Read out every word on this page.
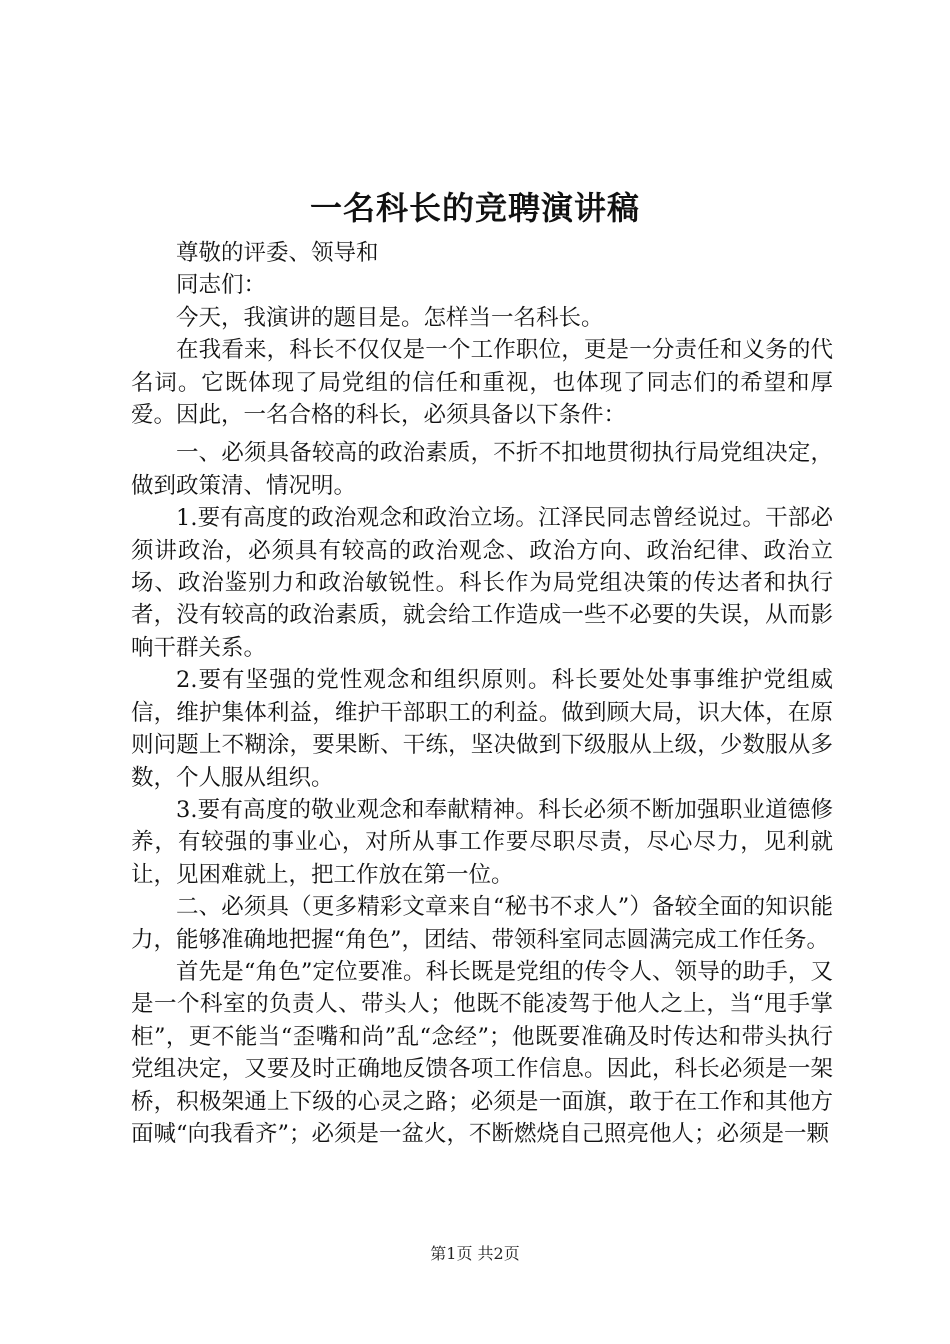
一名科长的竞聘演讲稿

尊敬的评委、领导和

同志们：

今天，我演讲的题目是。怎样当一名科长。

在我看来，科长不仅仅是一个工作职位，更是一分责任和义务的代名词。它既体现了局党组的信任和重视，也体现了同志们的希望和厚爱。因此，一名合格的科长，必须具备以下条件：

一、必须具备较高的政治素质，不折不扣地贯彻执行局党组决定，做到政策清、情况明。

1.要有高度的政治观念和政治立场。江泽民同志曾经说过。干部必须讲政治，必须具有较高的政治观念、政治方向、政治纪律、政治立场、政治鉴别力和政治敏锐性。科长作为局党组决策的传达者和执行者，没有较高的政治素质，就会给工作造成一些不必要的失误，从而影响干群关系。

2.要有坚强的党性观念和组织原则。科长要处处事事维护党组威信，维护集体利益，维护干部职工的利益。做到顾大局，识大体，在原则问题上不糊涂，要果断、干练，坚决做到下级服从上级，少数服从多数，个人服从组织。

3.要有高度的敬业观念和奉献精神。科长必须不断加强职业道德修养，有较强的事业心，对所从事工作要尽职尽责，尽心尽力，见利就让，见困难就上，把工作放在第一位。

二、必须具（更多精彩文章来自“秘书不求人”）备较全面的知识能力，能够准确地把握“角色”，团结、带领科室同志圆满完成工作任务。

首先是“角色”定位要准。科长既是党组的传令人、领导的助手，又是一个科室的负责人、带头人；他既不能凌驾于他人之上，当“甩手掌柜”，更不能当“歪嘴和尚”乱“念经”；他既要准确及时传达和带头执行党组决定，又要及时正确地反馈各项工作信息。因此，科长必须是一架桥，积极架通上下级的心灵之路；必须是一面旗，敢于在工作和其他方面喊“向我看齐”；必须是一盆火，不断燃烧自己照亮他人；必须是一颗

第1页 共2页
